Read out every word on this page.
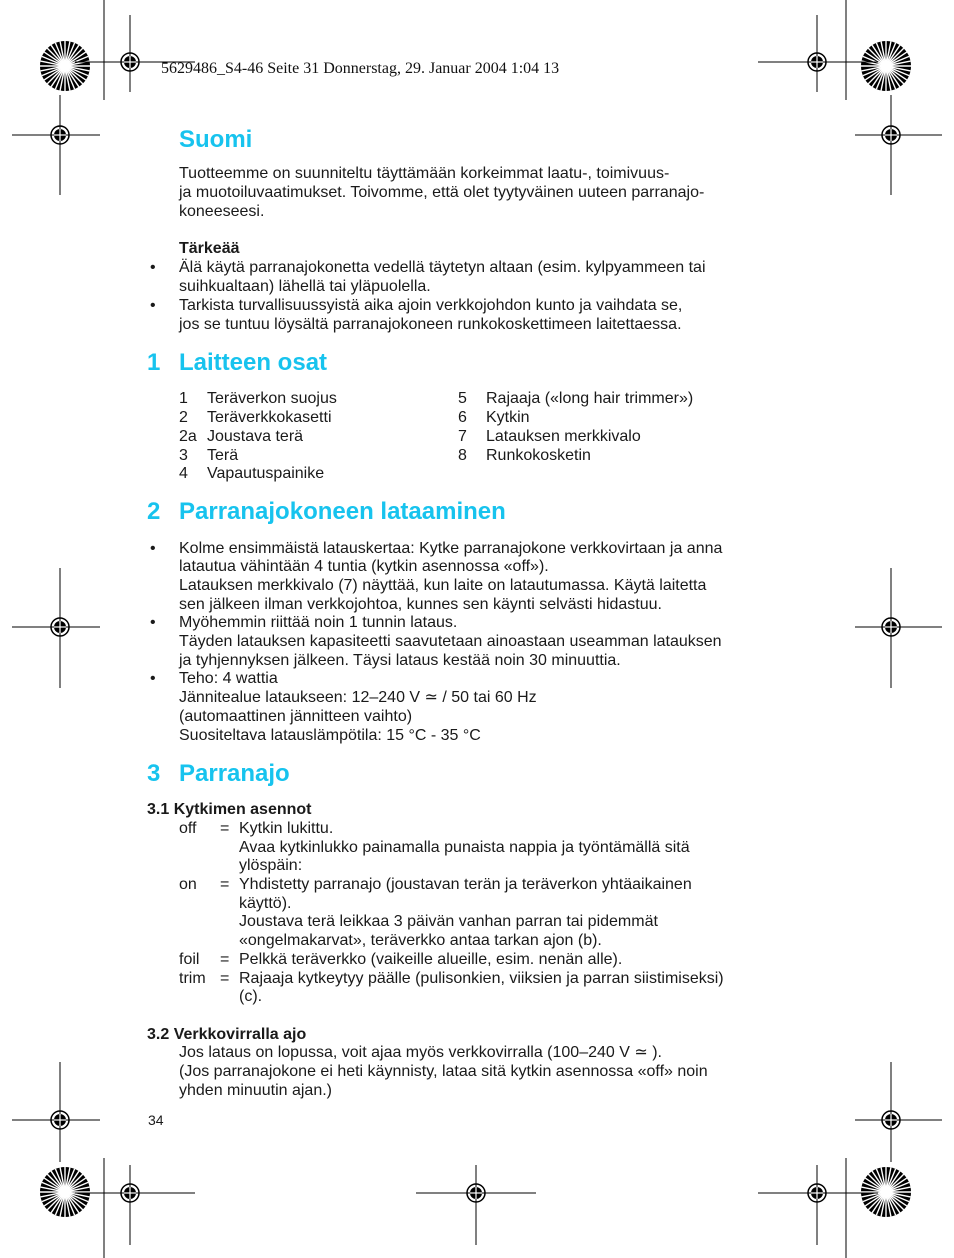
5629486_S4-46 Seite 31 Donnerstag, 29. Januar 2004 1:04 13
Suomi
Tuotteemme on suunniteltu täyttämään korkeimmat laatu-, toimivuus-
ja muotoiluvaatimukset. Toivomme, että olet tyytyväinen uuteen parranajo-
koneeseesi.
Tärkeää
• Älä käytä parranajokonetta vedellä täytetyn altaan (esim. kylpyammeen tai
suihkualtaan) lähellä tai yläpuolella.
• Tarkista turvallisuussyistä aika ajoin verkkojohdon kunto ja vaihdata se,
jos se tuntuu löysältä parranajokoneen runkokoskettimeen laitettaessa.
1 Laitteen osat
1 Teräverkon suojus
2 Teräverkkokasetti
2a Joustava terä
3 Terä
4 Vapautuspainike
5 Rajaaja («long hair trimmer»)
6 Kytkin
7 Latauksen merkkivalo
8 Runkokosketin
2 Parranajokoneen lataaminen
• Kolme ensimmäistä latauskertaa: Kytke parranajokone verkkovirtaan ja anna
latautua vähintään 4 tuntia (kytkin asennossa «off»).
Latauksen merkkivalo (7) näyttää, kun laite on latautumassa. Käytä laitetta
sen jälkeen ilman verkkojohtoa, kunnes sen käynti selvästi hidastuu.
• Myöhemmin riittää noin 1 tunnin lataus.
Täyden latauksen kapasiteetti saavutetaan ainoastaan useamman latauksen
ja tyhjennyksen jälkeen. Täysi lataus kestää noin 30 minuuttia.
• Teho: 4 wattia
Jännitealue lataukseen: 12–240 V ≃ / 50 tai 60 Hz
(automaattinen jännitteen vaihto)
Suositeltava latauslämpötila: 15 °C - 35 °C
3 Parranajo
3.1 Kytkimen asennot
off = Kytkin lukittu.
Avaa kytkinlukko painamalla punaista nappia ja työntämällä sitä
ylöspäin:
on = Yhdistetty parranajo (joustavan terän ja teräverkon yhtäaikainen
käyttö).
Joustava terä leikkaa 3 päivän vanhan parran tai pidemmät
«ongelmakarvat», teräverkko antaa tarkan ajon (b).
foil = Pelkkä teräverkko (vaikeille alueille, esim. nenän alle).
trim = Rajaaja kytkeytyy päälle (pulisonkien, viiksien ja parran siistimiseksi)
(c).
3.2 Verkkovirralla ajo
Jos lataus on lopussa, voit ajaa myös verkkovirralla (100–240 V ≃ ).
(Jos parranajokone ei heti käynnisty, lataa sitä kytkin asennossa «off» noin
yhden minuutin ajan.)
34
